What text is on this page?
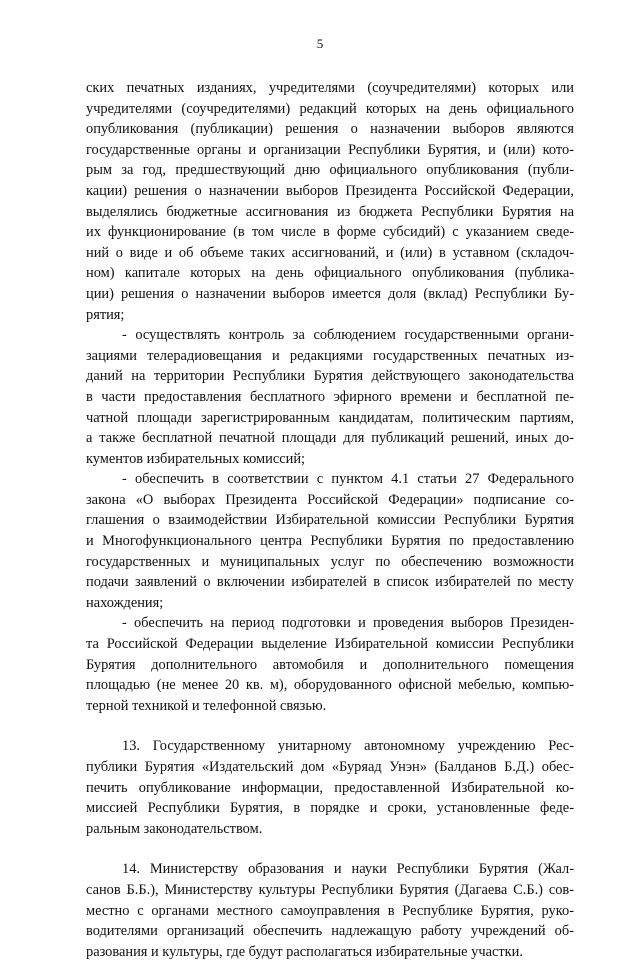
5
ских печатных изданиях, учредителями (соучредителями) которых или
учредителями (соучредителями) редакций которых на день официального
опубликования (публикации) решения о назначении выборов являются
государственные органы и организации Республики Бурятия, и (или) кото-
рым за год, предшествующий дню официального опубликования (публи-
кации) решения о назначении выборов Президента Российской Федерации,
выделялись бюджетные ассигнования из бюджета Республики Бурятия на
их функционирование (в том числе в форме субсидий) с указанием сведе-
ний о виде и об объеме таких ассигнований, и (или) в уставном (складоч-
ном) капитале которых на день официального опубликования (публика-
ции) решения о назначении выборов имеется доля (вклад) Республики Бу-
рятия;
- осуществлять контроль за соблюдением государственными органи-
зациями телерадиовещания и редакциями государственных печатных из-
даний на территории Республики Бурятия действующего законодательства
в части предоставления бесплатного эфирного времени и бесплатной пе-
чатной площади зарегистрированным кандидатам, политическим партиям,
а также бесплатной печатной площади для публикаций решений, иных до-
кументов избирательных комиссий;
- обеспечить в соответствии с пунктом 4.1 статьи 27 Федерального
закона «О выборах Президента Российской Федерации» подписание со-
глашения о взаимодействии Избирательной комиссии Республики Бурятия
и Многофункционального центра Республики Бурятия по предоставлению
государственных и муниципальных услуг по обеспечению возможности
подачи заявлений о включении избирателей в список избирателей по месту
нахождения;
- обеспечить на период подготовки и проведения выборов Президен-
та Российской Федерации выделение Избирательной комиссии Республики
Бурятия дополнительного автомобиля и дополнительного помещения
площадью (не менее 20 кв. м), оборудованного офисной мебелью, компью-
терной техникой и телефонной связью.
13. Государственному унитарному автономному учреждению Рес-
публики Бурятия «Издательский дом «Буряад Унэн» (Балданов Б.Д.) обес-
печить опубликование информации, предоставленной Избирательной ко-
миссией Республики Бурятия, в порядке и сроки, установленные феде-
ральным законодательством.
14. Министерству образования и науки Республики Бурятия (Жал-
санов Б.Б.), Министерству культуры Республики Бурятия (Дагаева С.Б.) сов-
местно с органами местного самоуправления в Республике Бурятия, руко-
водителями организаций обеспечить надлежащую работу учреждений об-
разования и культуры, где будут располагаться избирательные участки.
